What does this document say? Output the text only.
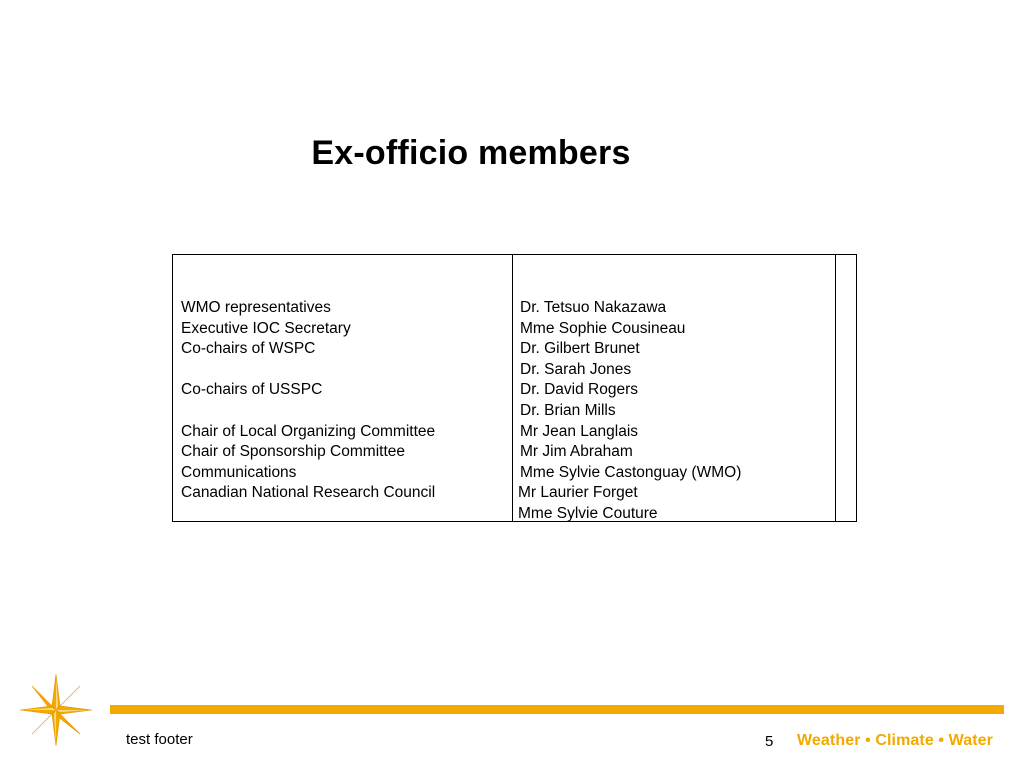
Ex-officio members
WMO representatives
Executive IOC Secretary
Co-chairs of WSPC
Co-chairs of USSPC
Chair of Local Organizing Committee
Chair of Sponsorship Committee
Communications
Canadian National Research Council
Dr. Tetsuo Nakazawa
Mme Sophie Cousineau
Dr. Gilbert Brunet
Dr. Sarah Jones
Dr. David Rogers
Dr. Brian Mills
Mr Jean Langlais
Mr Jim Abraham
Mme Sylvie Castonguay (WMO)
Mr Laurier Forget
Mme Sylvie Couture
test footer	5 Weather • Climate • Water
